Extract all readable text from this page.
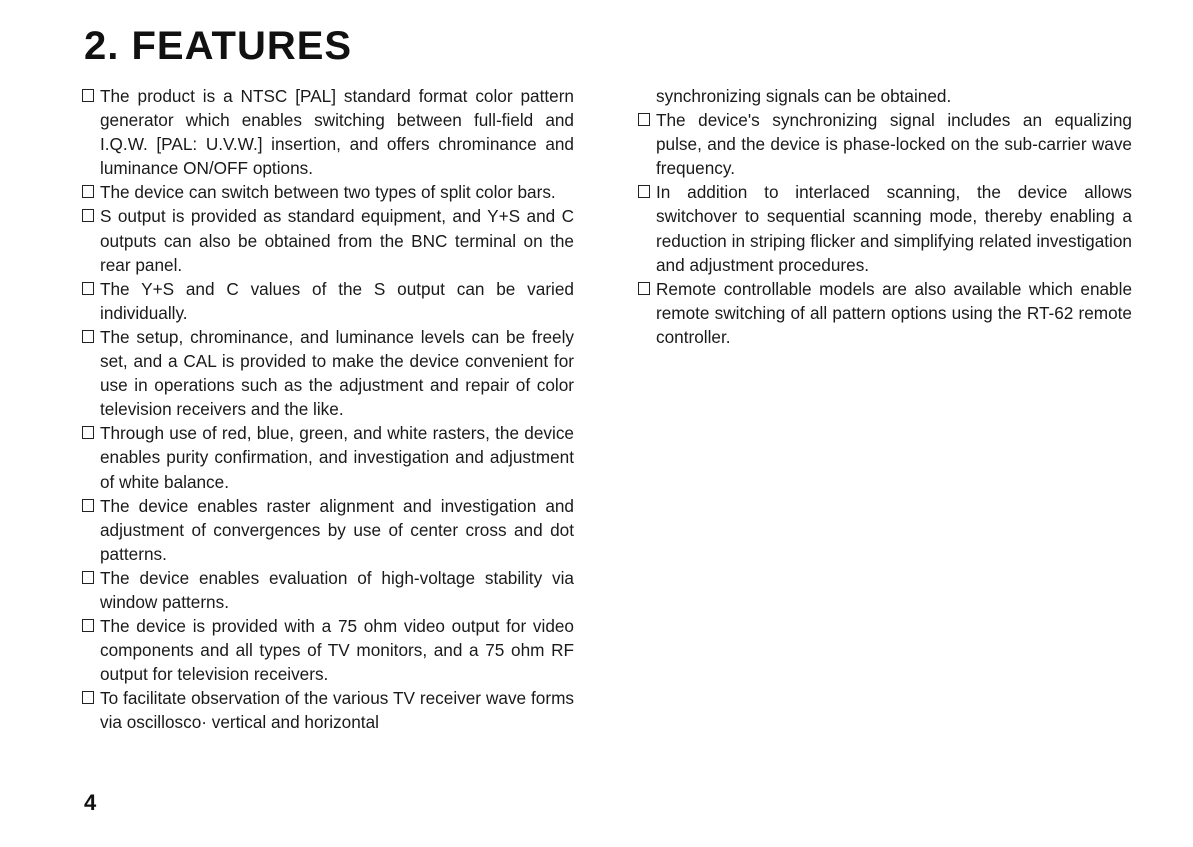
2. FEATURES

The product is a NTSC [PAL] standard format color pattern generator which enables switching between full-field and I.Q.W. [PAL: U.V.W.] insertion, and offers chrominance and luminance ON/OFF options.

The device can switch between two types of split color bars.

S output is provided as standard equipment, and Y+S and C outputs can also be obtained from the BNC terminal on the rear panel.

The Y+S and C values of the S output can be varied individually.

The setup, chrominance, and luminance levels can be freely set, and a CAL is provided to make the device convenient for use in operations such as the adjustment and repair of color television receivers and the like.

Through use of red, blue, green, and white rasters, the device enables purity confirmation, and investigation and adjustment of white balance.

The device enables raster alignment and investigation and adjustment of convergences by use of center cross and dot patterns.

The device enables evaluation of high-voltage stability via window patterns.

The device is provided with a 75 ohm video output for video components and all types of TV monitors, and a 75 ohm RF output for television receivers.

To facilitate observation of the various TV receiver wave forms via oscillosco· vertical and horizontal

synchronizing signals can be obtained.

The device's synchronizing signal includes an equalizing pulse, and the device is phase-locked on the sub-carrier wave frequency.

In addition to interlaced scanning, the device allows switchover to sequential scanning mode, thereby enabling a reduction in striping flicker and simplifying related investigation and adjustment procedures.

Remote controllable models are also available which enable remote switching of all pattern options using the RT-62 remote controller.

4
